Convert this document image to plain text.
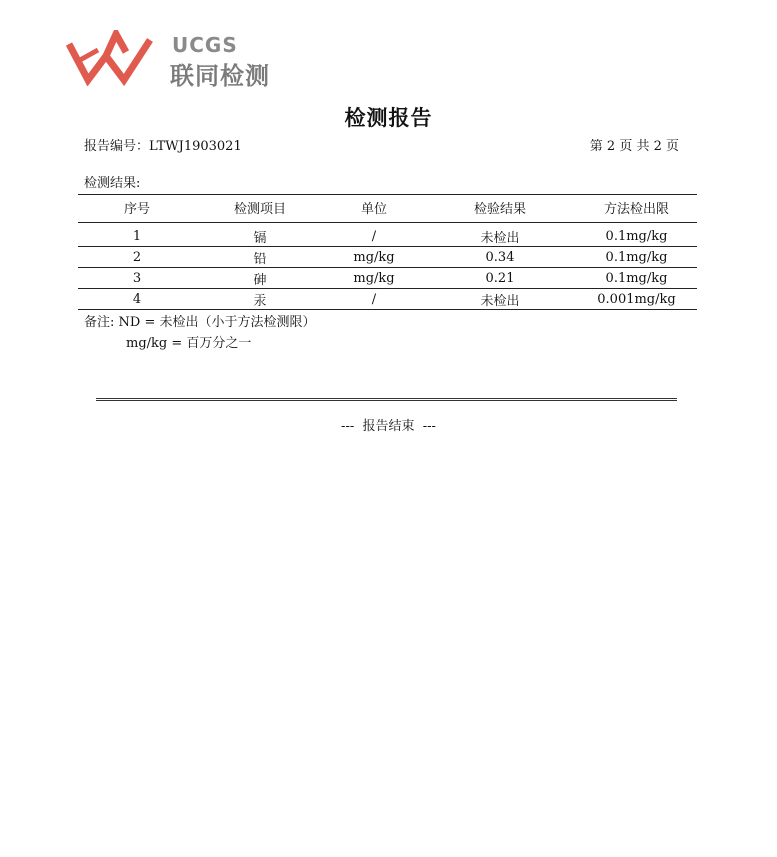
UCGS
联同检测
检测报告
报告编号：LTWJ1903021	第 2 页 共 2 页
检测结果:
序号	检测项目	单位	检验结果	方法检出限
1	镉	/	未检出	0.1mg/kg
2	铅	mg/kg	0.34	0.1mg/kg
3	砷	mg/kg	0.21	0.1mg/kg
4	汞	/	未检出	0.001mg/kg
备注: ND = 未检出（小于方法检测限）
mg/kg = 百万分之一
---  报告结束  ---
